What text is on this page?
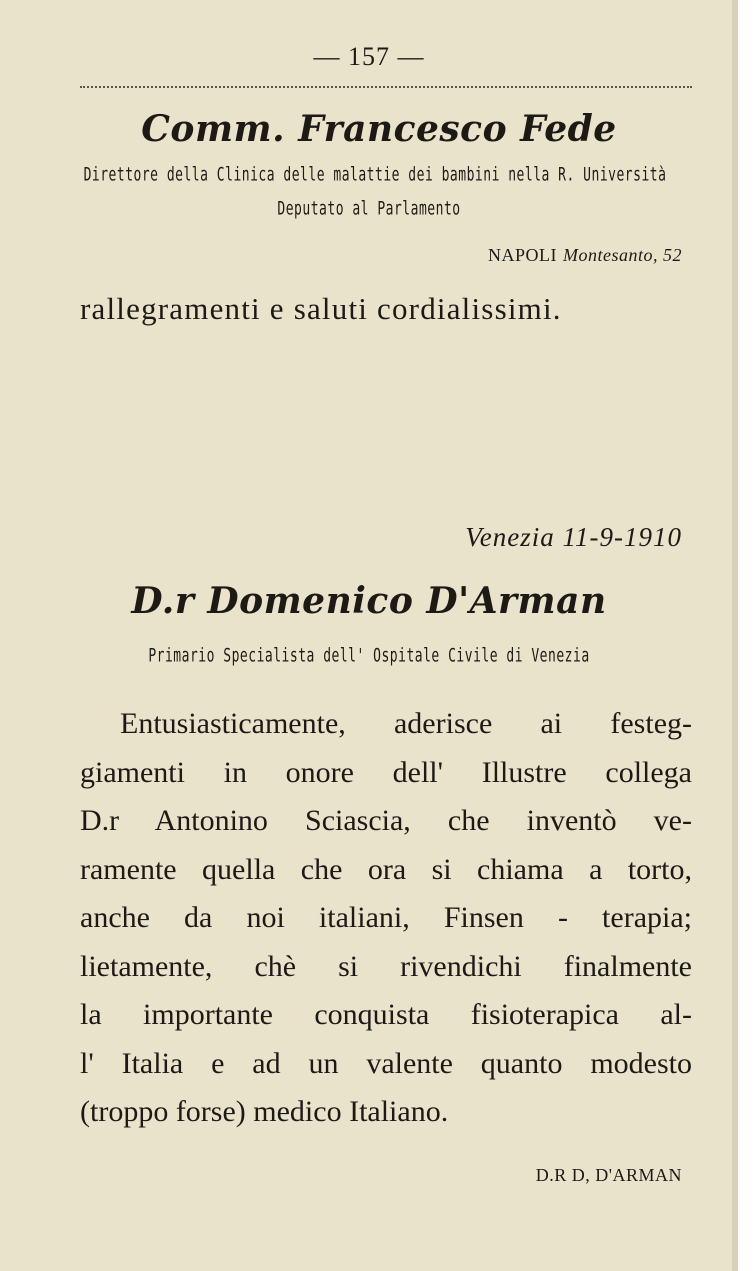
— 157 —
Comm. Francesco Fede
Direttore della Clinica delle malattie dei bambini nella R. Università
Deputato al Parlamento
NAPOLI Montesanto, 52
rallegramenti e saluti cordialissimi.
Venezia 11-9-1910
D.r Domenico D'Arman
Primario Specialista dell' Ospitale Civile di Venezia
Entusiasticamente, aderisce ai festeg-
giamenti in onore dell' Illustre collega
D.r Antonino Sciascia, che inventò ve-
ramente quella che ora si chiama a torto,
anche da noi italiani, Finsen - terapia;
lietamente, chè si rivendichi finalmente
la importante conquista fisioterapica al-
l' Italia e ad un valente quanto modesto
(troppo forse) medico Italiano.
D.R D, D'ARMAN
